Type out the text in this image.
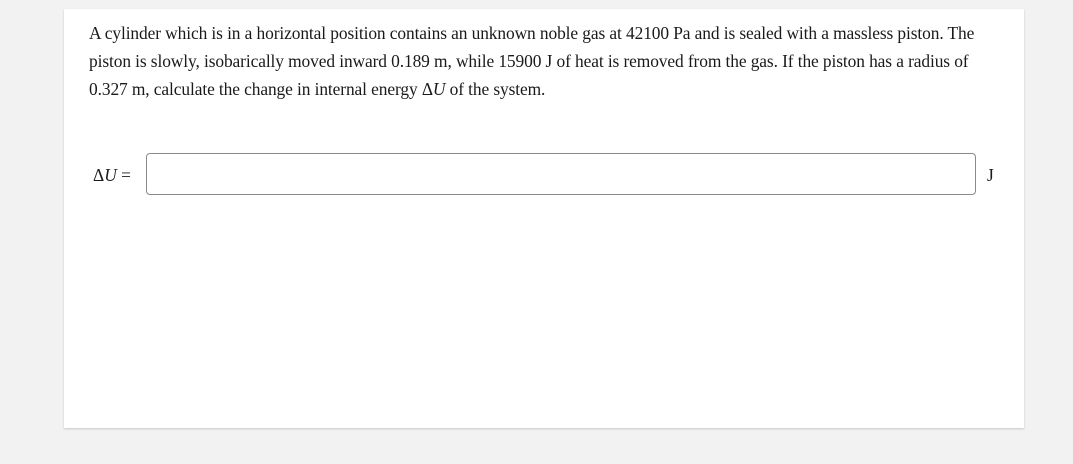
A cylinder which is in a horizontal position contains an unknown noble gas at 42100 Pa and is sealed with a massless piston. The piston is slowly, isobarically moved inward 0.189 m, while 15900 J of heat is removed from the gas. If the piston has a radius of 0.327 m, calculate the change in internal energy ΔU of the system.

ΔU =	J
